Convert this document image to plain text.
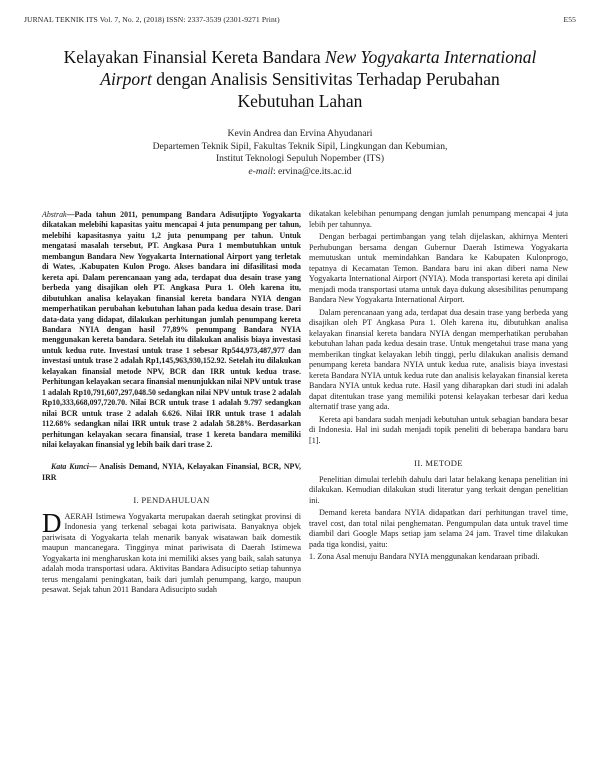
JURNAL TEKNIK ITS Vol. 7, No. 2, (2018) ISSN: 2337-3539 (2301-9271 Print)	E55
Kelayakan Finansial Kereta Bandara New Yogyakarta International Airport dengan Analisis Sensitivitas Terhadap Perubahan Kebutuhan Lahan
Kevin Andrea dan Ervina Ahyudanari
Departemen Teknik Sipil, Fakultas Teknik Sipil, Lingkungan dan Kebumian,
Institut Teknologi Sepuluh Nopember (ITS)
e-mail: ervina@ce.its.ac.id
Abstrak—Pada tahun 2011, penumpang Bandara Adisutjipto Yogyakarta dikatakan melebihi kapasitas yaitu mencapai 4 juta penumpang per tahun, melebihi kapasitasnya yaitu 1,2 juta penumpang per tahun. Untuk mengatasi masalah tersebut, PT. Angkasa Pura 1 membutuhkan untuk membangun Bandara New Yogyakarta International Airport yang terletak di Wates, .Kabupaten Kulon Progo. Akses bandara ini difasilitasi moda kereta api. Dalam perencanaan yang ada, terdapat dua desain trase yang berbeda yang disajikan oleh PT. Angkasa Pura 1. Oleh karena itu, dibutuhkan analisa kelayakan finansial kereta bandara NYIA dengan memperhatikan perubahan kebutuhan lahan pada kedua desain trase. Dari data-data yang didapat, dilakukan perhitungan jumlah penumpang kereta Bandara NYIA dengan hasil 77,89% penumpang Bandara NYIA menggunakan kereta bandara. Setelah itu dilakukan analisis biaya investasi untuk kedua rute. Investasi untuk trase 1 sebesar Rp544,973,487,977 dan investasi untuk trase 2 adalah Rp1,145,963,930,152.92. Setelah itu dilakukan kelayakan finansial metode NPV, BCR dan IRR untuk kedua trase. Perhitungan kelayakan secara finansial menunjukkan nilai NPV untuk trase 1 adalah Rp10,791,607,297,048.50 sedangkan nilai NPV untuk trase 2 adalah Rp10,333,668,097,720.70. Nilai BCR untuk trase 1 adalah 9.797 sedangkan nilai BCR untuk trase 2 adalah 6.626. Nilai IRR untuk trase 1 adalah 112.68% sedangkan nilai IRR untuk trase 2 adalah 58.28%. Berdasarkan perhitungan kelayakan secara finansial, trase 1 kereta bandara memiliki nilai kelayakan finansial yg lebih baik dari trase 2.
Kata Kunci— Analisis Demand, NYIA, Kelayakan Finansial, BCR, NPV, IRR
I. PENDAHULUAN
D AERAH Istimewa Yogyakarta merupakan daerah setingkat provinsi di Indonesia yang terkenal sebagai kota pariwisata. Banyaknya objek pariwisata di Yogyakarta telah menarik banyak wisatawan baik domestik maupun mancanegara. Tingginya minat pariwisata di Daerah Istimewa Yogyakarta ini mengharuskan kota ini memiliki akses yang baik, salah satunya adalah moda transportasi udara. Aktivitas Bandara Adisucipto setiap tahunnya terus mengalami peningkatan, baik dari jumlah penumpang, kargo, maupun pesawat. Sejak tahun 2011 Bandara Adisucipto sudah

dikatakan kelebihan penumpang dengan jumlah penumpang mencapai 4 juta lebih per tahunnya.

Dengan berbagai pertimbangan yang telah dijelaskan, akhirnya Menteri Perhubungan bersama dengan Gubernur Daerah Istimewa Yogyakarta memutuskan untuk memindahkan Bandara ke Kabupaten Kulonprogo, tepatnya di Kecamatan Temon. Bandara baru ini akan diberi nama New Yogyakarta International Airport (NYIA). Moda transportasi kereta api dinilai menjadi moda transportasi utama untuk daya dukung aksesibilitas penumpang Bandara New Yogyakarta International Airport.

Dalam perencanaan yang ada, terdapat dua desain trase yang berbeda yang disajikan oleh PT Angkasa Pura 1. Oleh karena itu, dibutuhkan analisa kelayakan finansial kereta bandara NYIA dengan memperhatikan perubahan kebutuhan lahan pada kedua desain trase. Untuk mengetahui trase mana yang memberikan tingkat kelayakan lebih tinggi, perlu dilakukan analisis demand penumpang kereta bandara NYIA untuk kedua rute, analisis biaya investasi kereta Bandara NYIA untuk kedua rute dan analisis kelayakan finansial kereta Bandara NYIA untuk kedua rute. Hasil yang diharapkan dari studi ini adalah dapat ditentukan trase yang memiliki potensi kelayakan terbesar dari kedua alternatif trase yang ada.

Kereta api bandara sudah menjadi kebutuhan untuk sebagian bandara besar di Indonesia. Hal ini sudah menjadi topik peneliti di beberapa bandara baru [1].

II. METODE

Penelitian dimulai terlebih dahulu dari latar belakang kenapa penelitian ini dilakukan. Kemudian dilakukan studi literatur yang terkait dengan penelitian ini.

Demand kereta bandara NYIA didapatkan dari perhitungan travel time, travel cost, dan total nilai penghematan. Pengumpulan data untuk travel time diambil dari Google Maps setiap jam selama 24 jam. Travel time dilakukan pada tiga kondisi, yaitu:

1. Zona Asal menuju Bandara NYIA menggunakan kendaraan pribadi.
